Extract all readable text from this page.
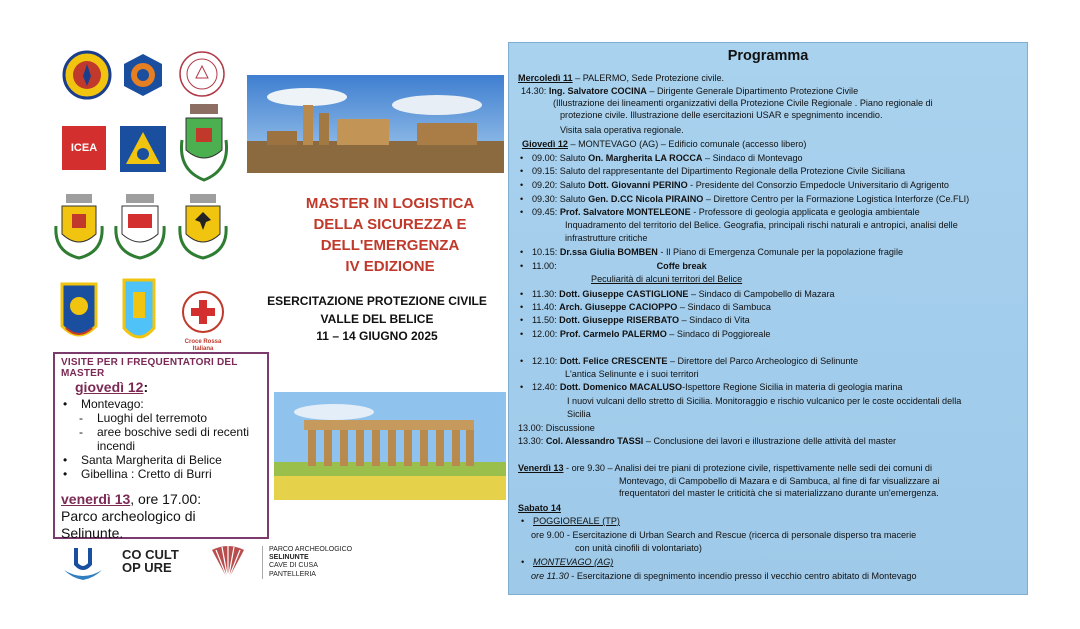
ICEA
Croce Rossa Italiana
MASTER IN LOGISTICA
DELLA SICUREZZA E
DELL'EMERGENZA
IV EDIZIONE
ESERCITAZIONE PROTEZIONE CIVILE
VALLE DEL BELICE
11 – 14 GIUGNO 2025
VISITE PER I FREQUENTATORI DEL MASTER
giovedì 12:
• Montevago:
- Luoghi del terremoto
- aree boschive sedi di recenti incendi
• Santa Margherita di Belice
• Gibellina : Cretto di Burri
venerdì 13, ore 17.00:
Parco archeologico di Selinunte.
CO CULT
OP URE
PARCO ARCHEOLOGICO
SELINUNTE
CAVE DI CUSA
PANTELLERIA
Programma
Mercoledì 11 – PALERMO, Sede Protezione civile.
14.30: Ing. Salvatore COCINA – Dirigente Generale Dipartimento Protezione Civile
(Illustrazione dei lineamenti organizzativi della Protezione Civile Regionale . Piano regionale di
protezione civile. Illustrazione delle esercitazioni USAR e spegnimento incendio.
Visita sala operativa regionale.
Giovedì 12 – MONTEVAGO (AG) – Edificio comunale (accesso libero)
• 09.00: Saluto On. Margherita LA ROCCA – Sindaco di Montevago
• 09.15: Saluto del rappresentante del Dipartimento Regionale della Protezione Civile Siciliana
• 09.20: Saluto Dott. Giovanni PERINO - Presidente del Consorzio Empedocle Universitario di Agrigento
• 09.30: Saluto Gen. D.CC Nicola PIRAINO – Direttore Centro per la Formazione Logistica Interforze (Ce.FLI)
• 09.45: Prof. Salvatore MONTELEONE - Professore di geologia applicata e geologia ambientale
Inquadramento del territorio del Belice. Geografia, principali rischi naturali e antropici, analisi delle
infrastrutture critiche
• 10.15: Dr.ssa Giulia BOMBEN - Il Piano di Emergenza Comunale per la popolazione fragile
• 11.00:	Coffe break
Peculiarità di alcuni territori del Belice
• 11.30: Dott. Giuseppe CASTIGLIONE – Sindaco di Campobello di Mazara
• 11.40: Arch. Giuseppe CACIOPPO – Sindaco di Sambuca
• 11.50: Dott. Giuseppe RISERBATO – Sindaco di Vita
• 12.00: Prof. Carmelo PALERMO – Sindaco di Poggioreale
• 12.10: Dott. Felice CRESCENTE – Direttore del Parco Archeologico di Selinunte
L'antica Selinunte e i suoi territori
• 12.40: Dott. Domenico MACALUSO-Ispettore Regione Sicilia in materia di geologia marina
I nuovi vulcani dello stretto di Sicilia. Monitoraggio e rischio vulcanico per le coste occidentali della
Sicilia
13.00: Discussione
13.30: Col. Alessandro TASSI – Conclusione dei lavori e illustrazione delle attività del master
Venerdì 13 - ore 9.30 – Analisi dei tre piani di protezione civile, rispettivamente nelle sedi dei comuni di
Montevago, di Campobello di Mazara e di Sambuca, al fine di far visualizzare ai
frequentatori del master le criticità che si materializzano durante un'emergenza.
Sabato 14
• POGGIOREALE (TP)
ore 9.00 - Esercitazione di Urban Search and Rescue (ricerca di personale disperso tra macerie
con unità cinofili di volontariato)
• MONTEVAGO (AG)
ore 11.30 - Esercitazione di spegnimento incendio presso il vecchio centro abitato di Montevago
